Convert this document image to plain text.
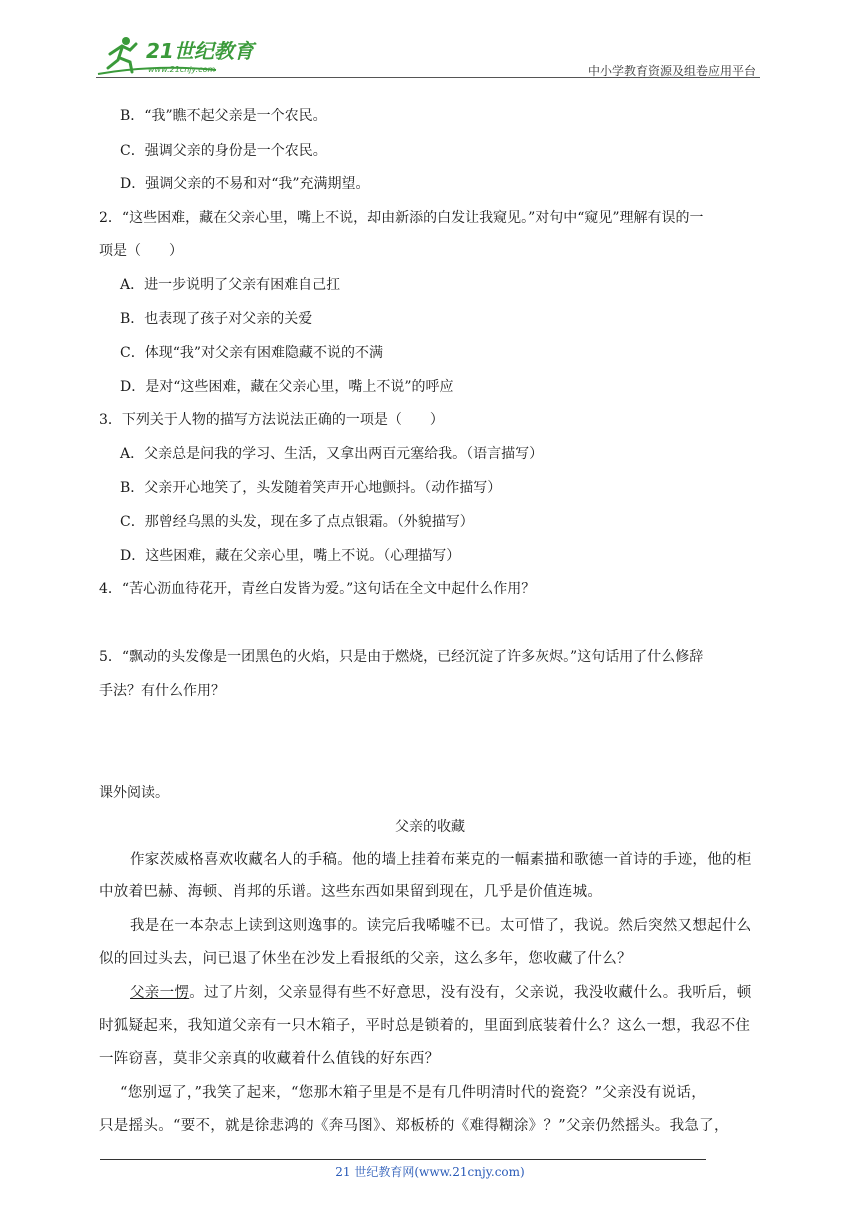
21世纪教育
www.21cnjy.com	中小学教育资源及组卷应用平台
B．“我”瞧不起父亲是一个农民。
C．强调父亲的身份是一个农民。
D．强调父亲的不易和对“我”充满期望。
2．“这些困难，藏在父亲心里，嘴上不说，却由新添的白发让我窥见。”对句中“窥见”理解有误的一
项是（　　）
A．进一步说明了父亲有困难自己扛
B．也表现了孩子对父亲的关爱
C．体现“我”对父亲有困难隐藏不说的不满
D．是对“这些困难，藏在父亲心里，嘴上不说”的呼应
3．下列关于人物的描写方法说法正确的一项是（　　）
A．父亲总是问我的学习、生活，又拿出两百元塞给我。（语言描写）
B．父亲开心地笑了，头发随着笑声开心地颤抖。（动作描写）
C．那曾经乌黑的头发，现在多了点点银霜。（外貌描写）
D．这些困难，藏在父亲心里，嘴上不说。（心理描写）
4．“苦心沥血待花开，青丝白发皆为爱。”这句话在全文中起什么作用？
5．“飘动的头发像是一团黑色的火焰，只是由于燃烧，已经沉淀了许多灰烬。”这句话用了什么修辞
手法？有什么作用？
课外阅读。
父亲的收藏
作家茨威格喜欢收藏名人的手稿。他的墙上挂着布莱克的一幅素描和歌德一首诗的手迹，他的柜
中放着巴赫、海顿、肖邦的乐谱。这些东西如果留到现在，几乎是价值连城。
我是在一本杂志上读到这则逸事的。读完后我唏嘘不已。太可惜了，我说。然后突然又想起什么
似的回过头去，问已退了休坐在沙发上看报纸的父亲，这么多年，您收藏了什么？
父亲一愣。过了片刻，父亲显得有些不好意思，没有没有，父亲说，我没收藏什么。我听后，顿
时狐疑起来，我知道父亲有一只木箱子，平时总是锁着的，里面到底装着什么？这么一想，我忍不住
一阵窃喜，莫非父亲真的收藏着什么值钱的好东西？
“您别逗了，”我笑了起来，“您那木箱子里是不是有几件明清时代的瓷瓷？”父亲没有说话，
只是摇头。“要不，就是徐悲鸿的《奔马图》、郑板桥的《难得糊涂》？”父亲仍然摇头。我急了，
21 世纪教育网(www.21cnjy.com)
